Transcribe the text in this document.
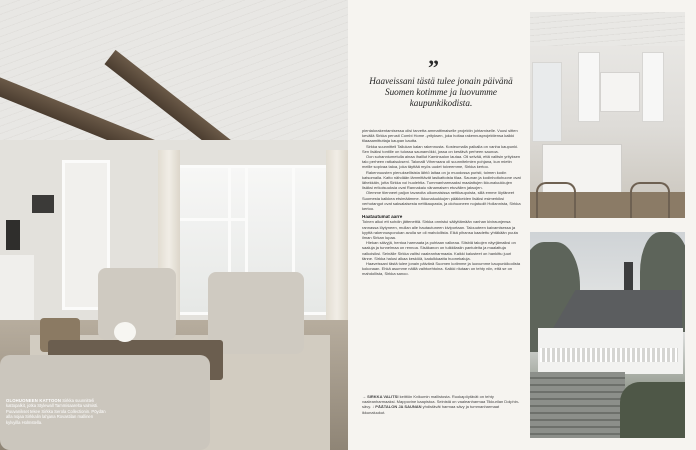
OLOHUONEEN KATTOON Sirkka suunnitteli kattopalkit, jotka Stylewall Tammisaarelta valmisti. Puuvanikset tekee Sirkka Serola Collectionin. Pöydän alla nojaa Sirkkalin lahjana Rovastilan mallinen kylvyilla Holmstella.
”
Haaveissani tästä tulee jonain päivänä Suomen kotimme ja luovumme kaupunkikodista.

pientalorakentamisessa olisi tarvetta ammattimaiselle projektin johtamiselle. Vuosi sitten kevällä Sirkka perusti Combi Home -yrityksen, joka hoitaa rakennusprojektiensa kaikki tilaaaamittuttaja kaupan kautta.

Sirkka suunnitteli Tallukan kalan rakennusta. Kosteumalla paikalla on vanha kaupunki. Sen lisäksi tontille on tulossa saunamökki, jossa on kestävä perheen saunoa.

Oon suhanniumetulla ainaa ihaillut Kaminsalon lautaa. Oli selvää, että valitsin yrityksen talo perheen ratkaisukseni. Talonalli Viherraara oli suunnitelmien pohjana, kun mietin meille sopivaa taloa, joka täyttää myös uudet toiveemme, Sirkka kertoo.

Rakennuusten pienuksellisista lähtö laitaa on jo muodossa puristi, toimen kodin katsomalla. Katto nähdään lämmittävät lasikattoista tilaa. Saunan ja kodinhoitohuone ovat lähekkäin, jotta Sirkka voi huolehtia. Tummanharmaaksi maalattujen ikkunaluukkujen lisäksi erikoisuuksia ovat Rannakaiu vänamaisen etuvälien jaksojen.

Olemme tiienneet paljon tavaroita ulkomaisissa nettikaupoista, sillä emme löytäneet Suomesta kaikkea etsimäämme. Ikkunaluukkujen pääkkeiden lisäksi esimerkiksi verhotangot ovat saksalaisesta nettikaupasta, ja olohuoneen nojatuolit Hollannista, Sirkka kertoo.

Haatautumat aarre

Toinen alkoi ett sohdin jättenettiä. Sirkka onnistui säilyttämään vanhan kiviraunjensa rannassa löytyneen, mullan alle hautautuneen kiviportaan. Talouuteen kaivamisessa ja kyyttä rakennusporukan avulla se oli mahdollista. Eikä pihansa kaadettu yhtäkään puuta ilman Sirkan lupaa.

Hiekan säivyjä, hentoa harmaata ja puhtaan valkeaa. Siisbiä takojen näyrjämaiksi on saaluja ja tunnelmaa on rennoa. Sisäkanon on tuikkilasiin pantuleita ja maalattuja valkoisiksi. Seinälle Sirkka valitsi vaaleanharmaata. Kaikki kalusteet on hankittu juuri tänne. Sirkka halusi alkaa keskiöä, kadulkkaatta huonekaluja.

Haaveissani tästä tulee jonain päivänä Suomen kotimme ja luovumme kaupunkikodista kokonaan. Ehkä asumme näillä vaihtoehtoina. Kaikki riiutaan on tehty niin, että se on mahdollista, Sirkka sanoo.

→ SIRKKA VALITSI keittiön Kvikumin mallistosta. Ruokapöytävät on tehty vaaleanharmaaksi. Mappovine kaapistoa. Seinistä on vaaleanharmaa Tikkurilan Dolphin-sävy. ↓ PÄÄTALON JA SAUNAN yhdistävät harmaa sävy ja tummanharmaat ikkunaluukut.
